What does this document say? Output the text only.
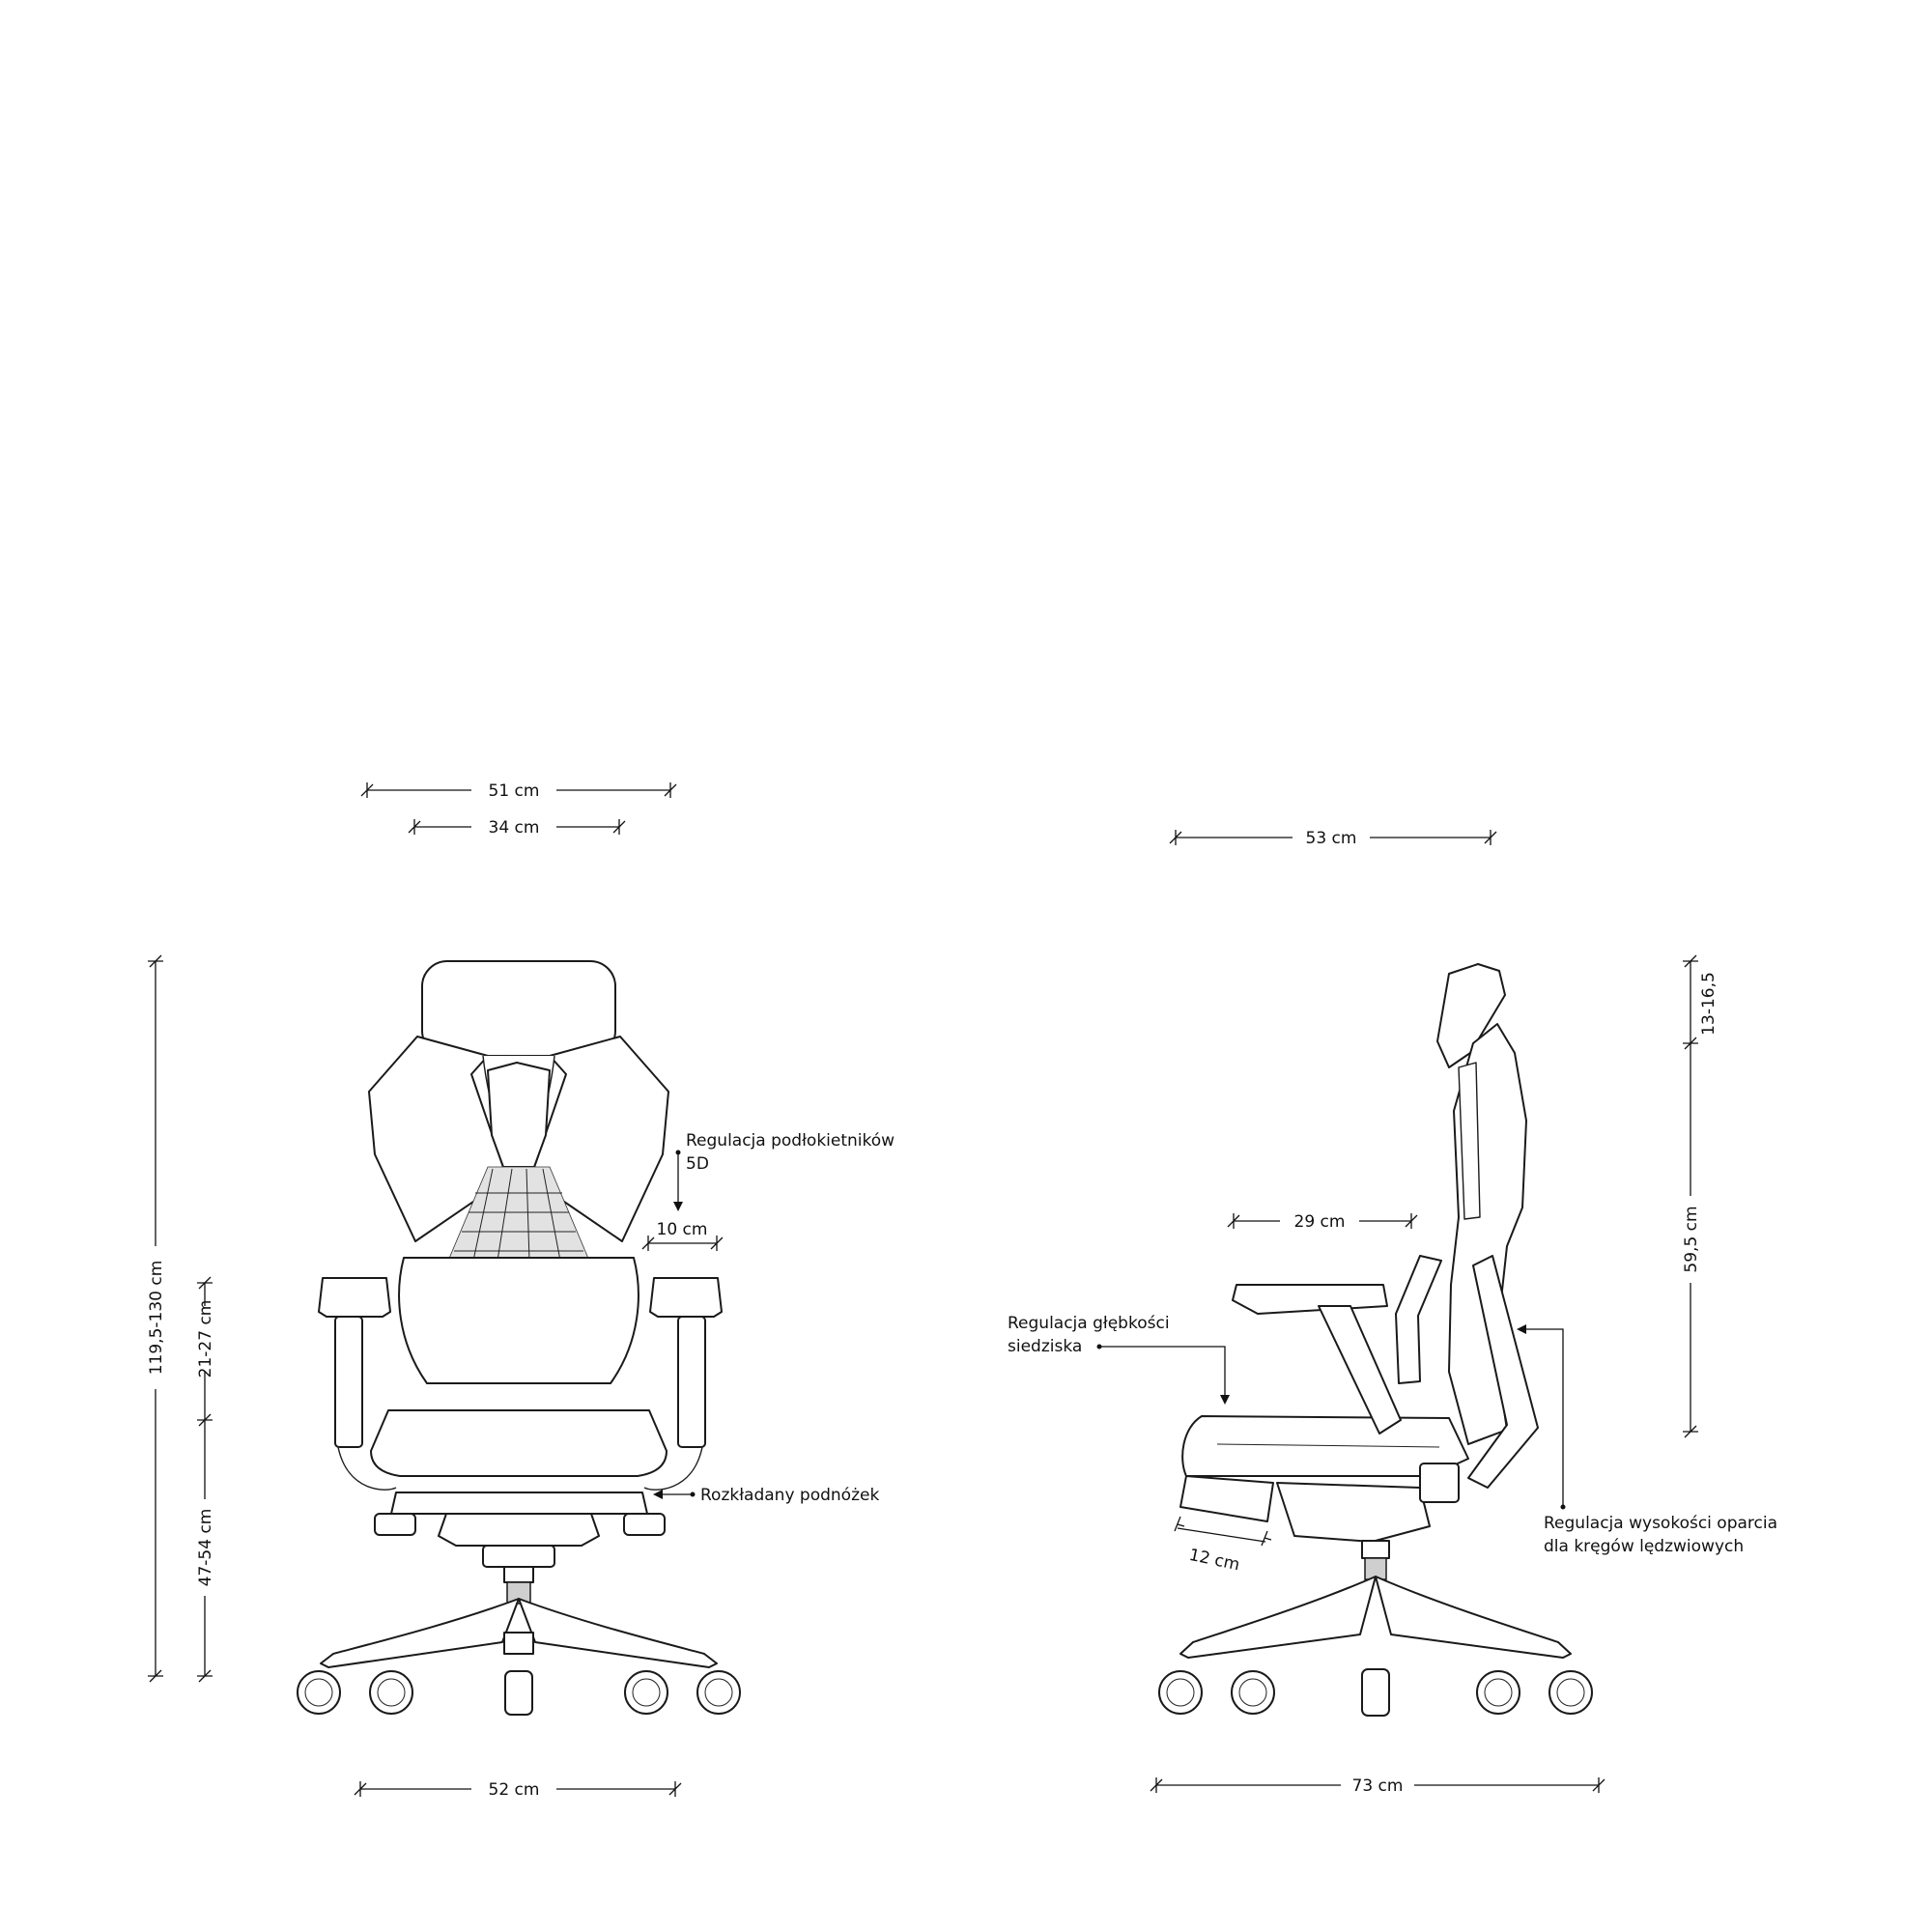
51 cm
34 cm
10 cm
119,5-130 cm 21-27 cm
47-54 cm
52 cm
Regulacja podłokietników
5D
Rozkładany podnóżek
53 cm
29 cm
13-16,5
59,5 cm
12 cm
73 cm
Regulacja głębkości
siedziska
Regulacja wysokości oparcia
dla kręgów lędzwiowych
